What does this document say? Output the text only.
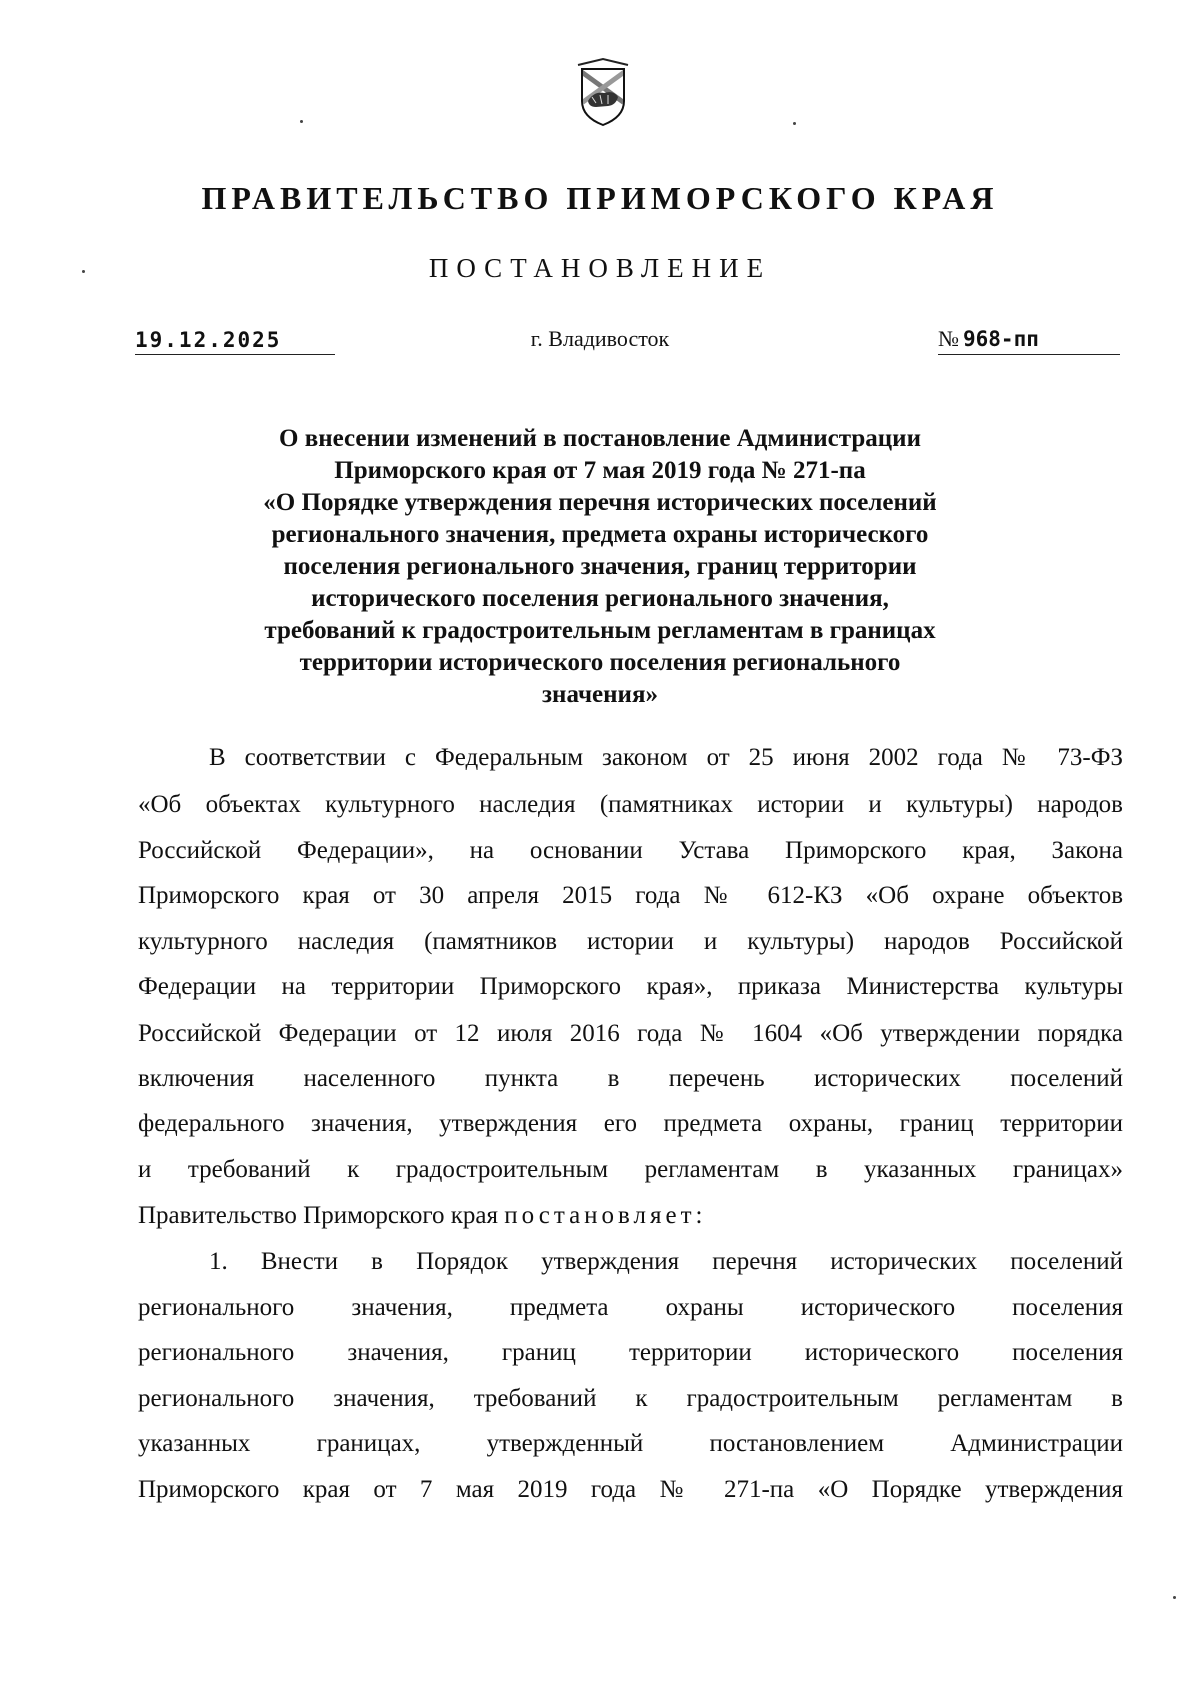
ПРАВИТЕЛЬСТВО ПРИМОРСКОГО КРАЯ
ПОСТАНОВЛЕНИЕ
19.12.2025	г. Владивосток	№ 968-пп
О внесении изменений в постановление Администрации
Приморского края от 7 мая 2019 года № 271-па
«О Порядке утверждения перечня исторических поселений
регионального значения, предмета охраны исторического
поселения регионального значения, границ территории
исторического поселения регионального значения,
требований к градостроительным регламентам в границах
территории исторического поселения регионального
значения»
В соответствии с Федеральным законом от 25 июня 2002 года № 73-ФЗ
«Об объектах культурного наследия (памятниках истории и культуры) народов
Российской Федерации», на основании Устава Приморского края, Закона
Приморского края от 30 апреля 2015 года № 612-КЗ «Об охране объектов
культурного наследия (памятников истории и культуры) народов Российской
Федерации на территории Приморского края», приказа Министерства культуры
Российской Федерации от 12 июля 2016 года № 1604 «Об утверждении порядка
включения населенного пункта в перечень исторических поселений
федерального значения, утверждения его предмета охраны, границ территории
и требований к градостроительным регламентам в указанных границах»
Правительство Приморского края постановляет:
1. Внести в Порядок утверждения перечня исторических поселений
регионального значения, предмета охраны исторического поселения
регионального значения, границ территории исторического поселения
регионального значения, требований к градостроительным регламентам в
указанных границах, утвержденный постановлением Администрации
Приморского края от 7 мая 2019 года № 271-па «О Порядке утверждения
